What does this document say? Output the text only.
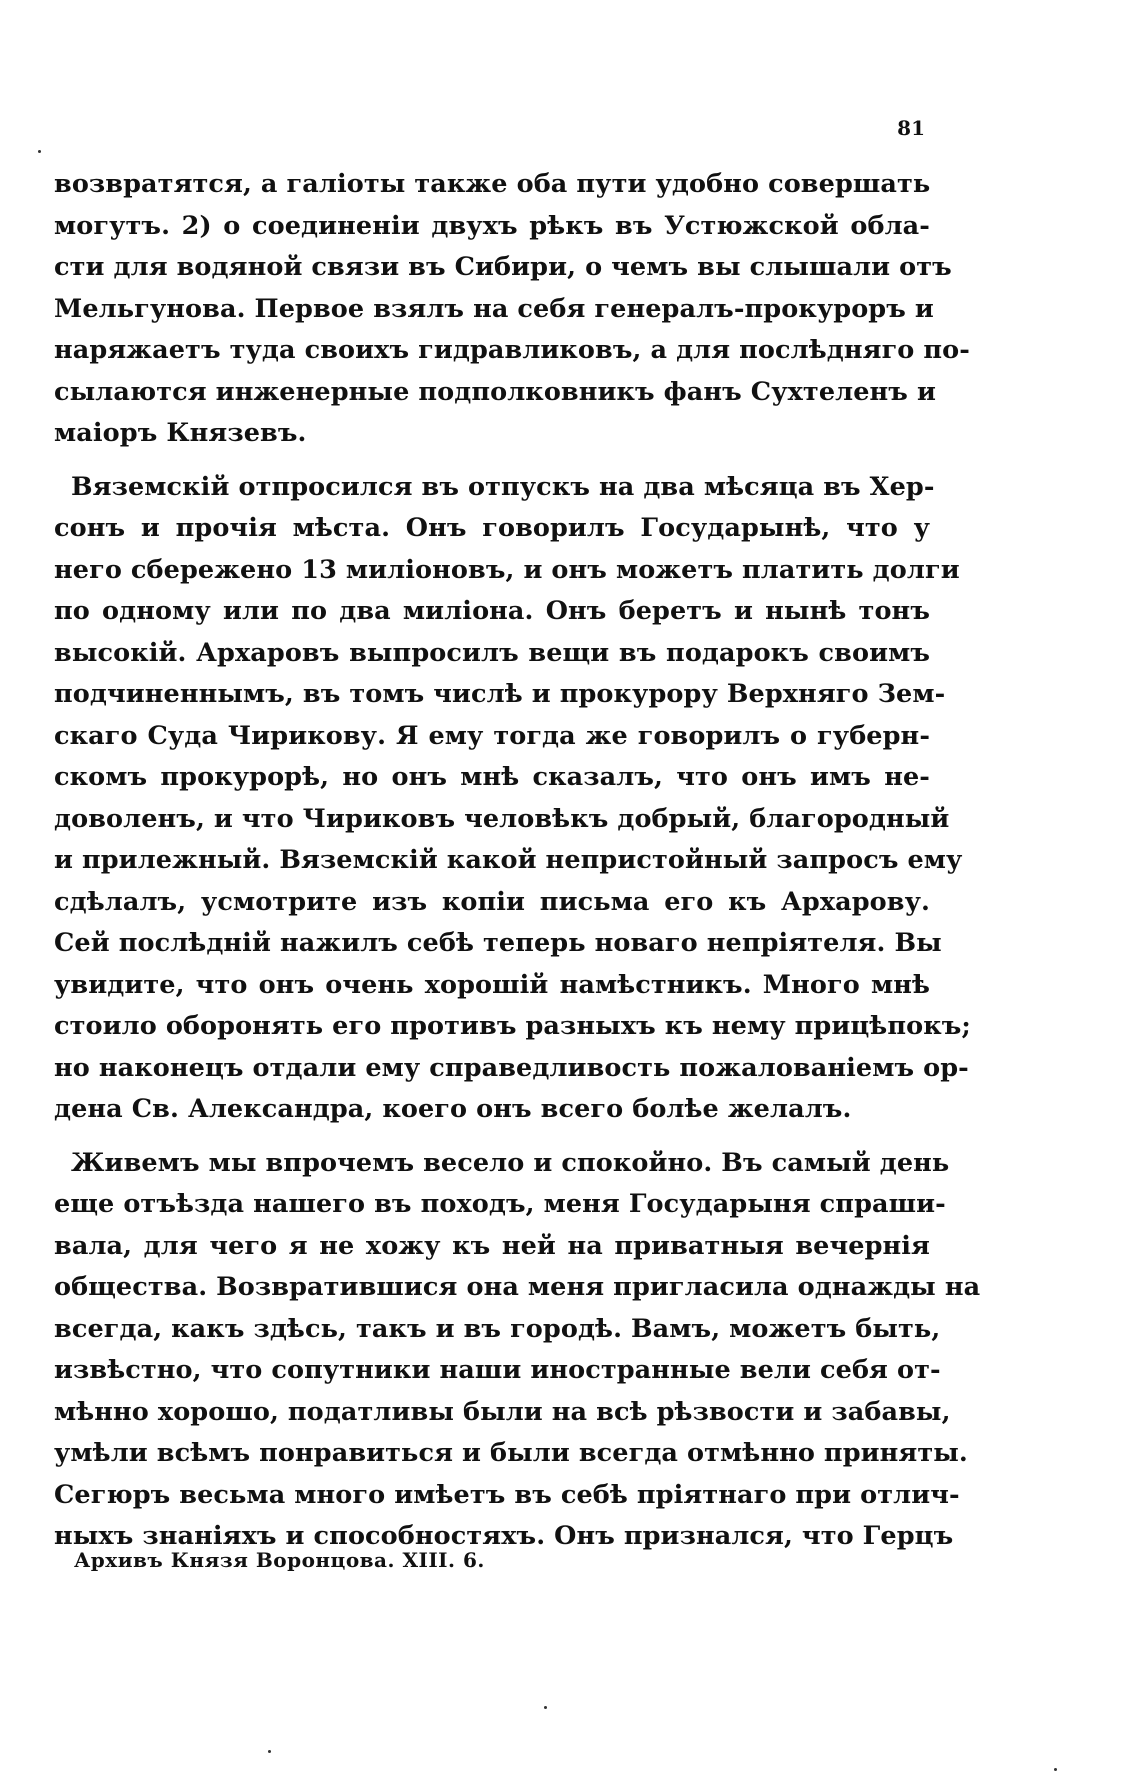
81
возвратятся, а галіоты также оба пути удобно совершать
могутъ. 2) о соединеніи двухъ рѣкъ въ Устюжской обла-
сти для водяной связи въ Сибири, о чемъ вы слышали отъ
Мельгунова. Первое взялъ на себя генералъ-прокуроръ и
наряжаетъ туда своихъ гидравликовъ, а для послѣдняго по-
сылаются инженерные подполковникъ фанъ Сухтеленъ и
маіоръ Князевъ.
Вяземскій отпросился въ отпускъ на два мѣсяца въ Хер-
сонъ и прочія мѣста. Онъ говорилъ Государынѣ, что у
него сбережено 13 миліоновъ, и онъ можетъ платить долги
по одному или по два миліона. Онъ беретъ и нынѣ тонъ
высокій. Архаровъ выпросилъ вещи въ подарокъ своимъ
подчиненнымъ, въ томъ числѣ и прокурору Верхняго Зем-
скаго Суда Чирикову. Я ему тогда же говорилъ о губерн-
скомъ прокурорѣ, но онъ мнѣ сказалъ, что онъ имъ не-
доволенъ, и что Чириковъ человѣкъ добрый, благородный
и прилежный. Вяземскій какой непристойный запросъ ему
сдѣлалъ, усмотрите изъ копіи письма его къ Архарову.
Сей послѣдній нажилъ себѣ теперь новаго непріятеля. Вы
увидите, что онъ очень хорошій намѣстникъ. Много мнѣ
стоило оборонять его противъ разныхъ къ нему прицѣпокъ;
но наконецъ отдали ему справедливость пожалованіемъ ор-
дена Св. Александра, коего онъ всего болѣе желалъ.
Живемъ мы впрочемъ весело и спокойно. Въ самый день
еще отъѣзда нашего въ походъ, меня Государыня спраши-
вала, для чего я не хожу къ ней на приватныя вечернія
общества. Возвратившися она меня пригласила однажды на
всегда, какъ здѣсь, такъ и въ городѣ. Вамъ, можетъ быть,
извѣстно, что сопутники наши иностранные вели себя от-
мѣнно хорошо, податливы были на всѣ рѣзвости и забавы,
умѣли всѣмъ понравиться и были всегда отмѣнно приняты.
Сегюръ весьма много имѣетъ въ себѣ пріятнаго при отлич-
ныхъ знаніяхъ и способностяхъ. Онъ признался, что Герцъ
Архивъ Князя Воронцова. XIII. 6.
